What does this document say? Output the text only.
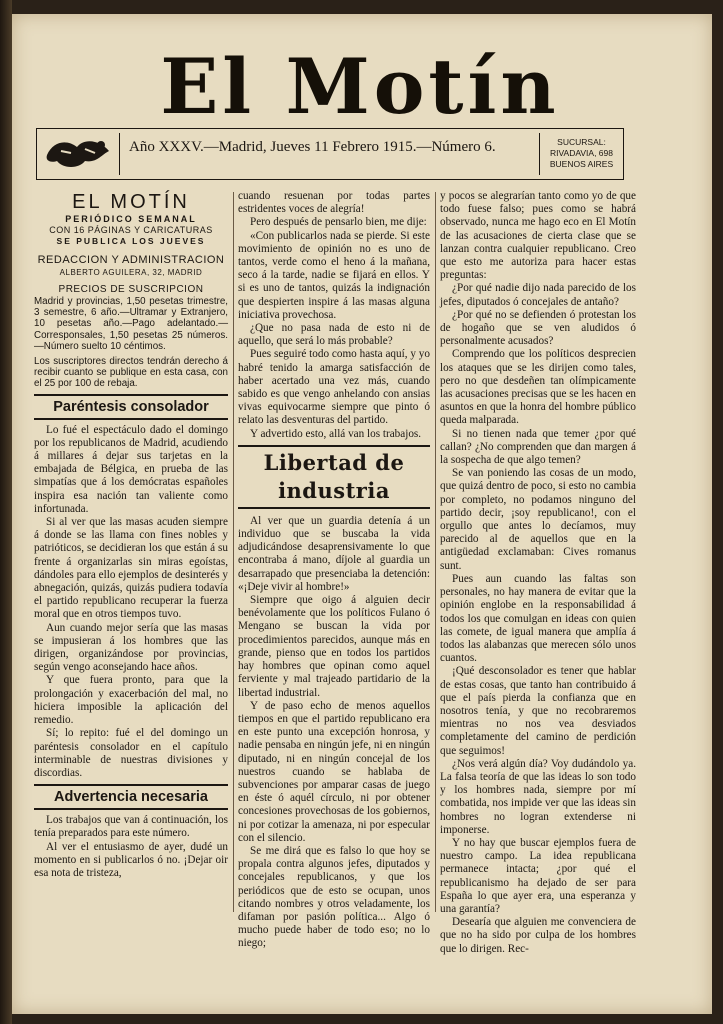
El Motín
Año XXXV.—Madrid, Jueves 11 Febrero 1915.—Número 6.	SUCURSAL:
RIVADAVIA, 698
BUENOS AIRES
EL MOTÍN
PERIÓDICO SEMANAL
CON 16 PÁGINAS Y CARICATURAS
SE PUBLICA LOS JUEVES
REDACCION Y ADMINISTRACION
ALBERTO AGUILERA, 32, MADRID
PRECIOS DE SUSCRIPCION

Madrid y provincias, 1,50 pesetas trimestre, 3 semestre, 6 año.—Ultramar y Extranjero, 10 pesetas año.—Pago adelantado.—Corresponsales, 1,50 pesetas 25 números.—Número suelto 10 céntimos.

Los suscriptores directos tendrán derecho á recibir cuanto se publique en esta casa, con el 25 por 100 de rebaja.

Paréntesis consolador

Lo fué el espectáculo dado el domingo por los republicanos de Madrid, acudiendo á millares á dejar sus tarjetas en la embajada de Bélgica, en prueba de las simpatías que á los demócratas españoles inspira esa nación tan valiente como infortunada.

Si al ver que las masas acuden siempre á donde se las llama con fines nobles y patrióticos, se decidieran los que están á su frente á organizarlas sin miras egoístas, dándoles para ello ejemplos de desinterés y abnegación, quizás, quizás pudiera todavía el partido republicano recuperar la fuerza moral que en otros tiempos tuvo.

Aun cuando mejor sería que las masas se impusieran á los hombres que las dirigen, organizándose por provincias, según vengo aconsejando hace años.

Y que fuera pronto, para que la prolongación y exacerbación del mal, no hiciera imposible la aplicación del remedio.

Sí; lo repito: fué el del domingo un paréntesis consolador en el capítulo interminable de nuestras divisiones y discordias.

Advertencia necesaria

Los trabajos que van á continuación, los tenía preparados para este número.

Al ver el entusiasmo de ayer, dudé un momento en si publicarlos ó no. ¡Dejar oir esa nota de tristeza,

cuando resuenan por todas partes estridentes voces de alegría!

Pero después de pensarlo bien, me dije:

«Con publicarlos nada se pierde. Si este movimiento de opinión no es uno de tantos, verde como el heno á la mañana, seco á la tarde, nadie se fijará en ellos. Y si es uno de tantos, quizás la indignación que despierten inspire á las masas alguna iniciativa provechosa.

¿Que no pasa nada de esto ni de aquello, que será lo más probable?

Pues seguiré todo como hasta aquí, y yo habré tenido la amarga satisfacción de haber acertado una vez más, cuando sabido es que vengo anhelando con ansias vivas equivocarme siempre que pinto ó relato las desventuras del partido.

Y advertido esto, allá van los trabajos.

Libertad de industria

Al ver que un guardia detenía á un individuo que se buscaba la vida adjudicándose desaprensivamente lo que encontraba á mano, díjole al guardia un desarrapado que presenciaba la detención: «¡Deje vivir al hombre!»

Siempre que oigo á alguien decir benévolamente que los políticos Fulano ó Mengano se buscan la vida por procedimientos parecidos, aunque más en grande, pienso que en todos los partidos hay hombres que opinan como aquel ferviente y mal trajeado partidario de la libertad industrial.

Y de paso echo de menos aquellos tiempos en que el partido republicano era en este punto una excepción honrosa, y nadie pensaba en ningún jefe, ni en ningún diputado, ni en ningún concejal de los nuestros cuando se hablaba de subvenciones por amparar casas de juego en éste ó aquél círculo, ni por obtener concesiones provechosas de los gobiernos, ni por cotizar la amenaza, ni por especular con el silencio.

Se me dirá que es falso lo que hoy se propala contra algunos jefes, diputados y concejales republicanos, y que los periódicos que de esto se ocupan, unos citando nombres y otros veladamente, los difaman por pasión política... Algo ó mucho puede haber de todo eso; no lo niego;

y pocos se alegrarían tanto como yo de que todo fuese falso; pues como se habrá observado, nunca me hago eco en El Motín de las acusaciones de cierta clase que se lanzan contra cualquier republicano. Creo que esto me autoriza para hacer estas preguntas:

¿Por qué nadie dijo nada parecido de los jefes, diputados ó concejales de antaño?

¿Por qué no se defienden ó protestan los de hogaño que se ven aludidos ó personalmente acusados?

Comprendo que los políticos desprecien los ataques que se les dirijen como tales, pero no que desdeñen tan olímpicamente las acusaciones precisas que se les hacen en asuntos en que la honra del hombre público queda malparada.

Si no tienen nada que temer ¿por qué callan? ¿No comprenden que dan margen á la sospecha de que algo temen?

Se van poniendo las cosas de un modo, que quizá dentro de poco, si esto no cambia por completo, no podamos ninguno del partido decir, ¡soy republicano!, con el orgullo que antes lo decíamos, muy parecido al de aquellos que en la antigüedad exclamaban: Cives romanus sunt.

Pues aun cuando las faltas son personales, no hay manera de evitar que la opinión englobe en la responsabilidad á todos los que comulgan en ideas con quien las comete, de igual manera que amplía á todos las alabanzas que merecen sólo unos cuantos.

¡Qué desconsolador es tener que hablar de estas cosas, que tanto han contribuido á que el país pierda la confianza que en nosotros tenía, y que no recobraremos mientras no nos vea desviados completamente del camino de perdición que seguimos!

¿Nos verá algún día? Voy dudándolo ya. La falsa teoría de que las ideas lo son todo y los hombres nada, siempre por mí combatida, nos impide ver que las ideas sin hombres no logran extenderse ni imponerse.

Y no hay que buscar ejemplos fuera de nuestro campo. La idea republicana permanece intacta; ¿por qué el republicanismo ha dejado de ser para España lo que ayer era, una esperanza y una garantía?

Desearía que alguien me convenciera de que no ha sido por culpa de los hombres que lo dirigen. Rec-
